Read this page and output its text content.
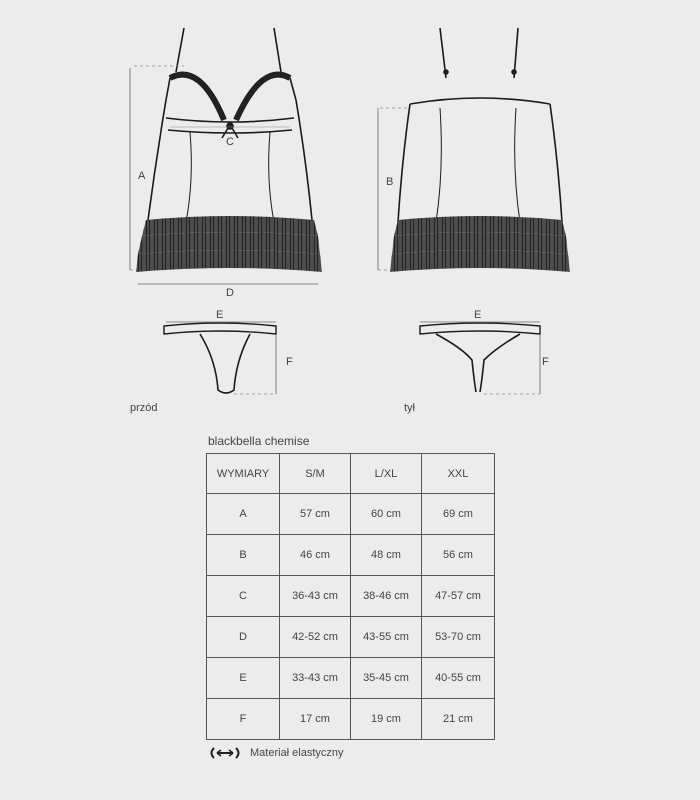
A	B
C
D
E	E
F	F
przód	tył
blackbella chemise
WYMIARY	S/M	L/XL	XXL
A	57 cm	60 cm	69 cm
B	46 cm	48 cm	56 cm
C	36-43 cm	38-46 cm	47-57 cm
D	42-52 cm	43-55 cm	53-70 cm
E	33-43 cm	35-45 cm	40-55 cm
F	17 cm	19 cm	21 cm
Materiał elastyczny
